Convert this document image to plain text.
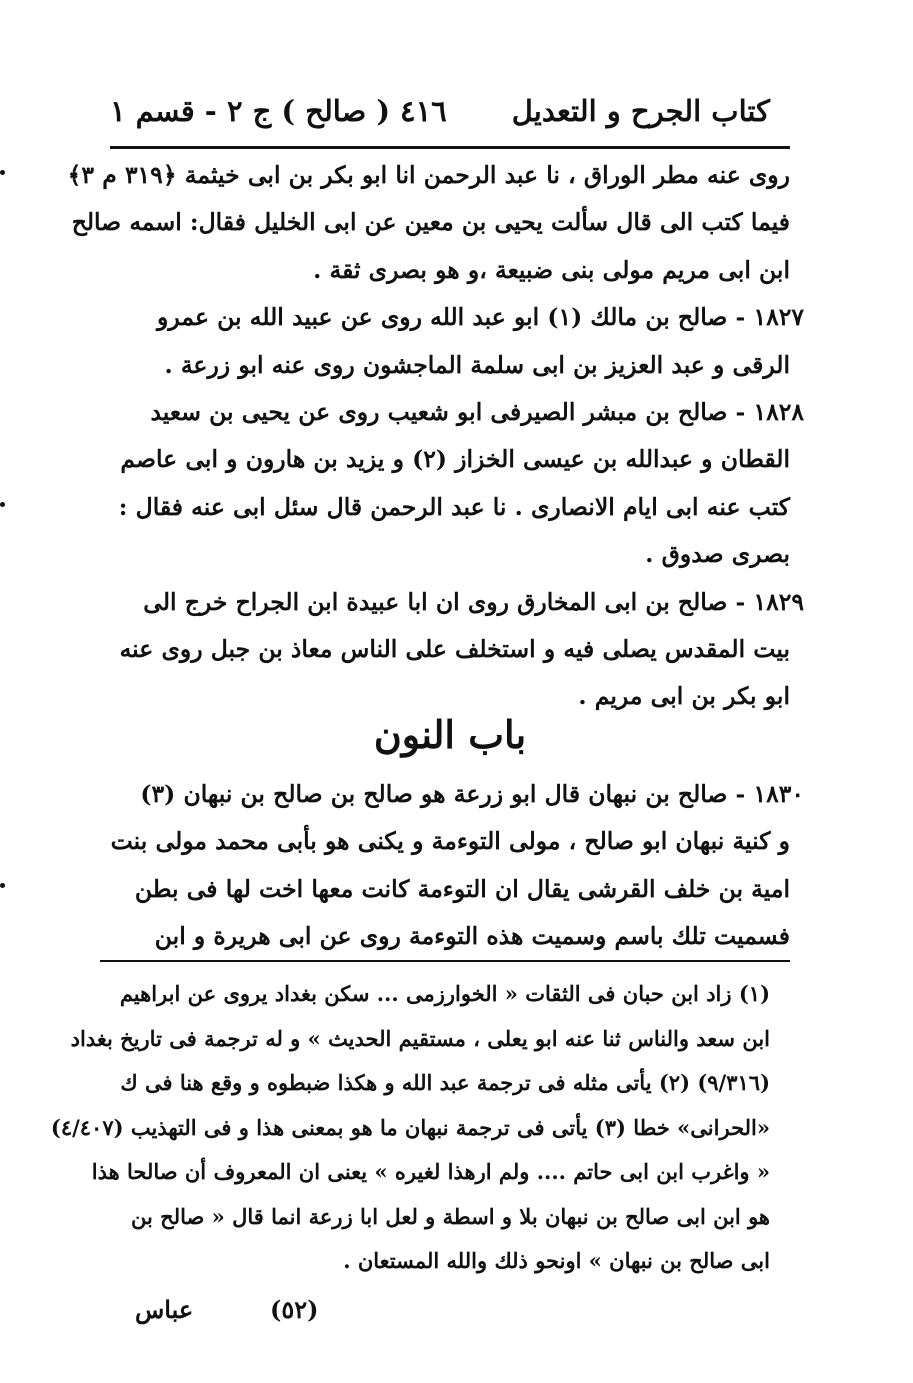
كتاب الجرح و التعديل
٤١٦
( صالح ) ج ٢ - قسم ١
روى عنه مطر الوراق ، نا عبد الرحمن انا ابو بكر بن ابى خيثمة ﴿٣١٩ م ٣﴾
فيما كتب الى قال سألت يحيى بن معين عن ابى الخليل فقال: اسمه صالح
ابن ابى مريم مولى بنى ضبيعة ،و هو بصرى ثقة .
١٨٢٧ - صالح بن مالك (١) ابو عبد الله روى عن عبيد الله بن عمرو
الرقى و عبد العزيز بن ابى سلمة الماجشون روى عنه ابو زرعة .
١٨٢٨ - صالح بن مبشر الصيرفى ابو شعيب روى عن يحيى بن سعيد
القطان و عبدالله بن عيسى الخزاز (٢) و يزيد بن هارون و ابى عاصم
كتب عنه ابى ايام الانصارى . نا عبد الرحمن قال سئل ابى عنه فقال :
بصرى صدوق .
١٨٢٩ - صالح بن ابى المخارق روى ان ابا عبيدة ابن الجراح خرج الى
بيت المقدس يصلى فيه و استخلف على الناس معاذ بن جبل روى عنه
ابو بكر بن ابى مريم .
باب النون
١٨٣٠ - صالح بن نبهان قال ابو زرعة هو صالح بن صالح بن نبهان (٣)
و كنية نبهان ابو صالح ، مولى التوءمة و يكنى هو بأبى محمد مولى بنت
امية بن خلف القرشى يقال ان التوءمة كانت معها اخت لها فى بطن
فسميت تلك باسم وسميت هذه التوءمة روى عن ابى هريرة و ابن
(١) زاد ابن حبان فى الثقات « الخوارزمى ... سكن بغداد يروى عن ابراهيم
ابن سعد والناس ثنا عنه ابو يعلى ، مستقيم الحديث » و له ترجمة فى تاريخ بغداد
(٩/٣١٦) (٢) يأتى مثله فى ترجمة عبد الله و هكذا ضبطوه و وقع هنا فى ك
«الحرانى» خطا (٣) يأتى فى ترجمة نبهان ما هو بمعنى هذا و فى التهذيب (٤/٤٠٧)
« واغرب ابن ابى حاتم .... ولم ارهذا لغيره » يعنى ان المعروف أن صالحا هذا
هو ابن ابى صالح بن نبهان بلا و اسطة و لعل ابا زرعة انما قال « صالح بن
ابى صالح بن نبهان » اونحو ذلك والله المستعان .
(٥٢)
عباس
